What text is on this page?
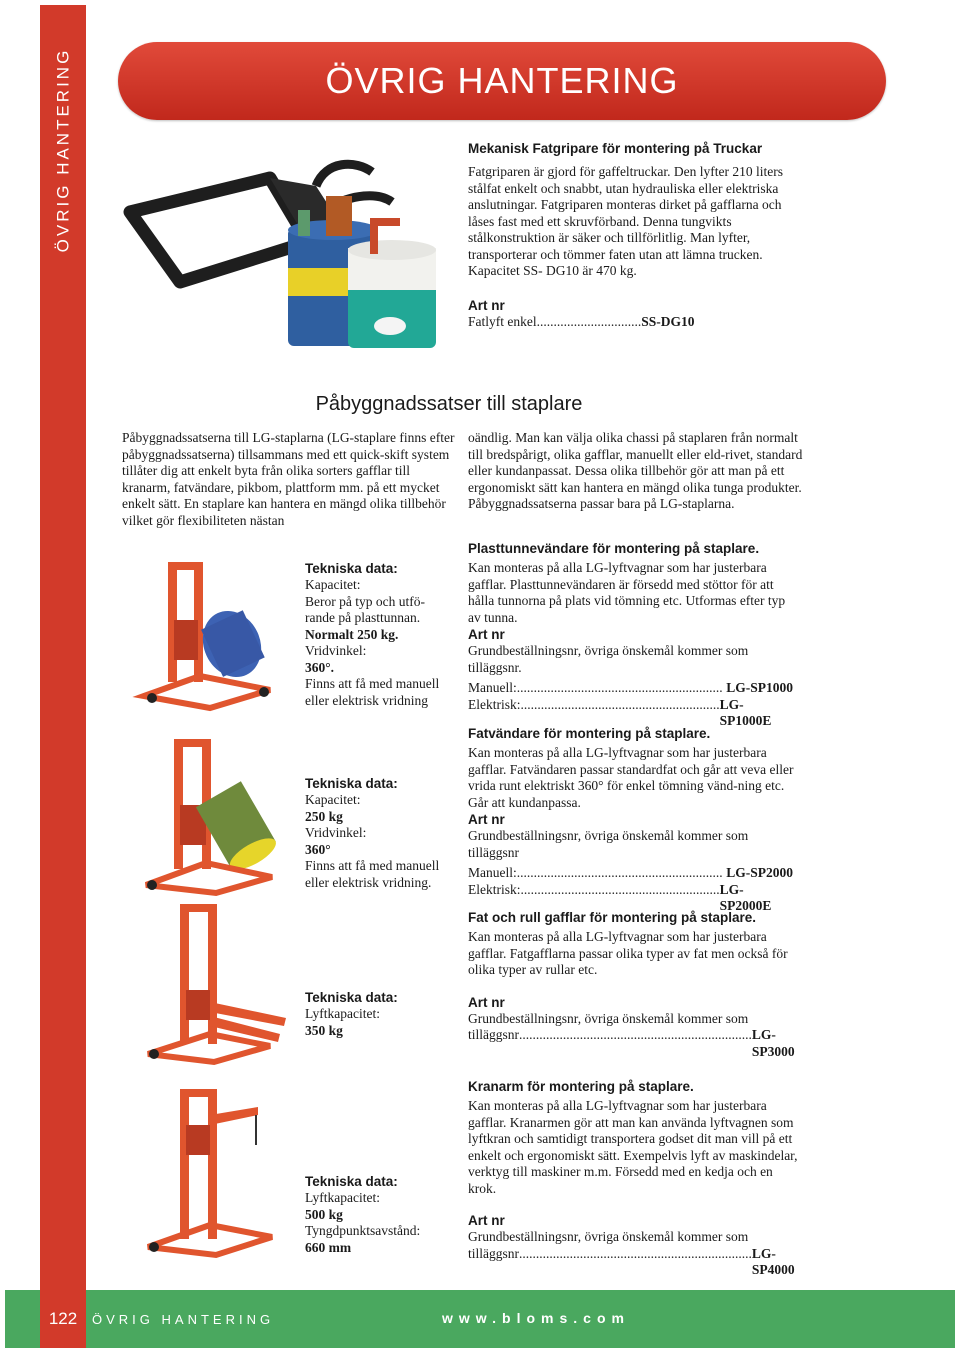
ÖVRIG HANTERING	ÖVRIG HANTERING
Mekanisk Fatgripare för montering på Truckar

Fatgriparen är gjord för gaffeltruckar. Den lyfter 210 liters stålfat enkelt och snabbt, utan hydrauliska eller elektriska anslutningar. Fatgriparen monteras dirket på gafflarna och låses fast med ett skruvförband. Denna tungvikts stålkonstruktion är säker och tillförlitlig. Man lyfter, transporterar och tömmer faten utan att lämna trucken.

Kapacitet SS- DG10 är 470 kg.

Art nr
Fatlyft enkel ............................... SS-DG10
Påbyggnadssatser till staplare

Påbyggnadssatserna till LG-staplarna (LG-staplare finns efter påbyggnadssatserna) tillsammans med ett quick-skift system tillåter dig att enkelt byta från olika sorters gafflar till kranarm, fatvändare, pikbom, plattform mm. på ett mycket enkelt sätt. En staplare kan hantera en mängd olika tillbehör vilket gör flexibiliteten nästan

oändlig. Man kan välja olika chassi på staplaren från normalt till bredspårigt, olika gafflar, manuellt eller eld-rivet, standard eller kundanpassat. Dessa olika tillbehör gör att man på ett ergonomiskt sätt kan hantera en mängd olika tunga produkter. Påbyggnadssatserna passar bara på LG-staplarna.

Tekniska data:
Kapacitet:
Beror på typ och utfö-
rande på plasttunnan.
Normalt 250 kg.
Vridvinkel:
360°.
Finns att få med manuell
eller elektrisk vridning
Tekniska data:
Kapacitet:
250 kg
Vridvinkel:
360°
Finns att få med manuell
eller elektrisk vridning.
Tekniska data:
Lyftkapacitet:
350 kg
Tekniska data:
Lyftkapacitet:
500 kg
Tyngdpunktsavstånd:
660 mm
Plasttunnevändare för montering på staplare.

Kan monteras på alla LG-lyftvagnar som har justerbara gafflar. Plasttunnevändaren är försedd med stöttor för att hålla tunnorna på plats vid tömning etc. Utformas efter typ av tunna.

Art nr

Grundbeställningsnr, övriga önskemål kommer som tilläggsnr.

Manuell: ............................................................. LG-SP1000
Elektrisk: ........................................................... LG-SP1000E
Fatvändare för montering på staplare.

Kan monteras på alla LG-lyftvagnar som har justerbara gafflar. Fatvändaren passar standardfat och går att veva eller vrida runt elektriskt 360° för enkel tömning vänd-ning etc. Går att kundanpassa.

Art nr

Grundbeställningsnr, övriga önskemål kommer som tilläggsnr

Manuell: ............................................................. LG-SP2000
Elektrisk: ........................................................... LG-SP2000E
Fat och rull gafflar för montering på staplare.

Kan monteras på alla LG-lyftvagnar som har justerbara gafflar. Fatgafflarna passar olika typer av fat men också för olika typer av rullar etc.

Art nr

Grundbeställningsnr, övriga önskemål kommer som

tilläggsnr ..................................................................... LG-SP3000
Kranarm för montering på staplare.

Kan monteras på alla LG-lyftvagnar som har justerbara gafflar. Kranarmen gör att man kan använda lyftvagnen som lyftkran och samtidigt transportera godset dit man vill på ett enkelt och ergonomiskt sätt. Exempelvis lyft av maskindelar, verktyg till maskiner m.m. Försedd med en kedja och en krok.

Art nr

Grundbeställningsnr, övriga önskemål kommer som

tilläggsnr ..................................................................... LG-SP4000
122	ÖVRIG HANTERING	www.bloms.com
